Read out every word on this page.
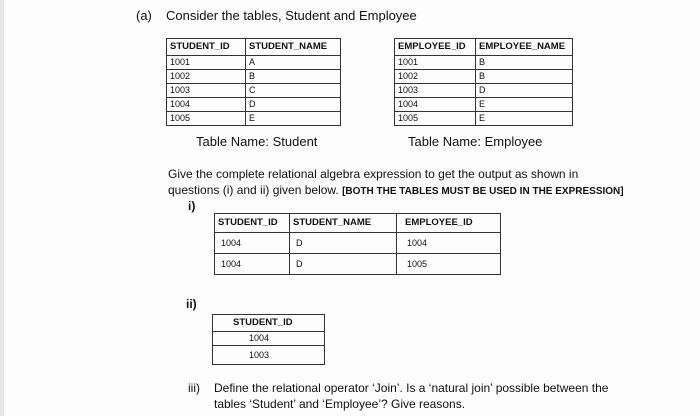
(a) Consider the tables, Student and Employee
STUDENT_ID	STUDENT_NAME
1001	A
1002	B
1003	C
1004	D
1005	E
Table Name: Student
EMPLOYEE_ID	EMPLOYEE_NAME
1001	B
1002	B
1003	D
1004	E
1005	E
Table Name: Employee
Give the complete relational algebra expression to get the output as shown in
questions (i) and ii) given below. [BOTH THE TABLES MUST BE USED IN THE EXPRESSION]
i)
STUDENT_ID	STUDENT_NAME	EMPLOYEE_ID
1004	D	1004
1004	D	1005
ii)
STUDENT_ID
1004
1003
iii) Define the relational operator ‘Join’. Is a ‘natural join’ possible between the
tables ‘Student’ and ‘Employee’? Give reasons.
